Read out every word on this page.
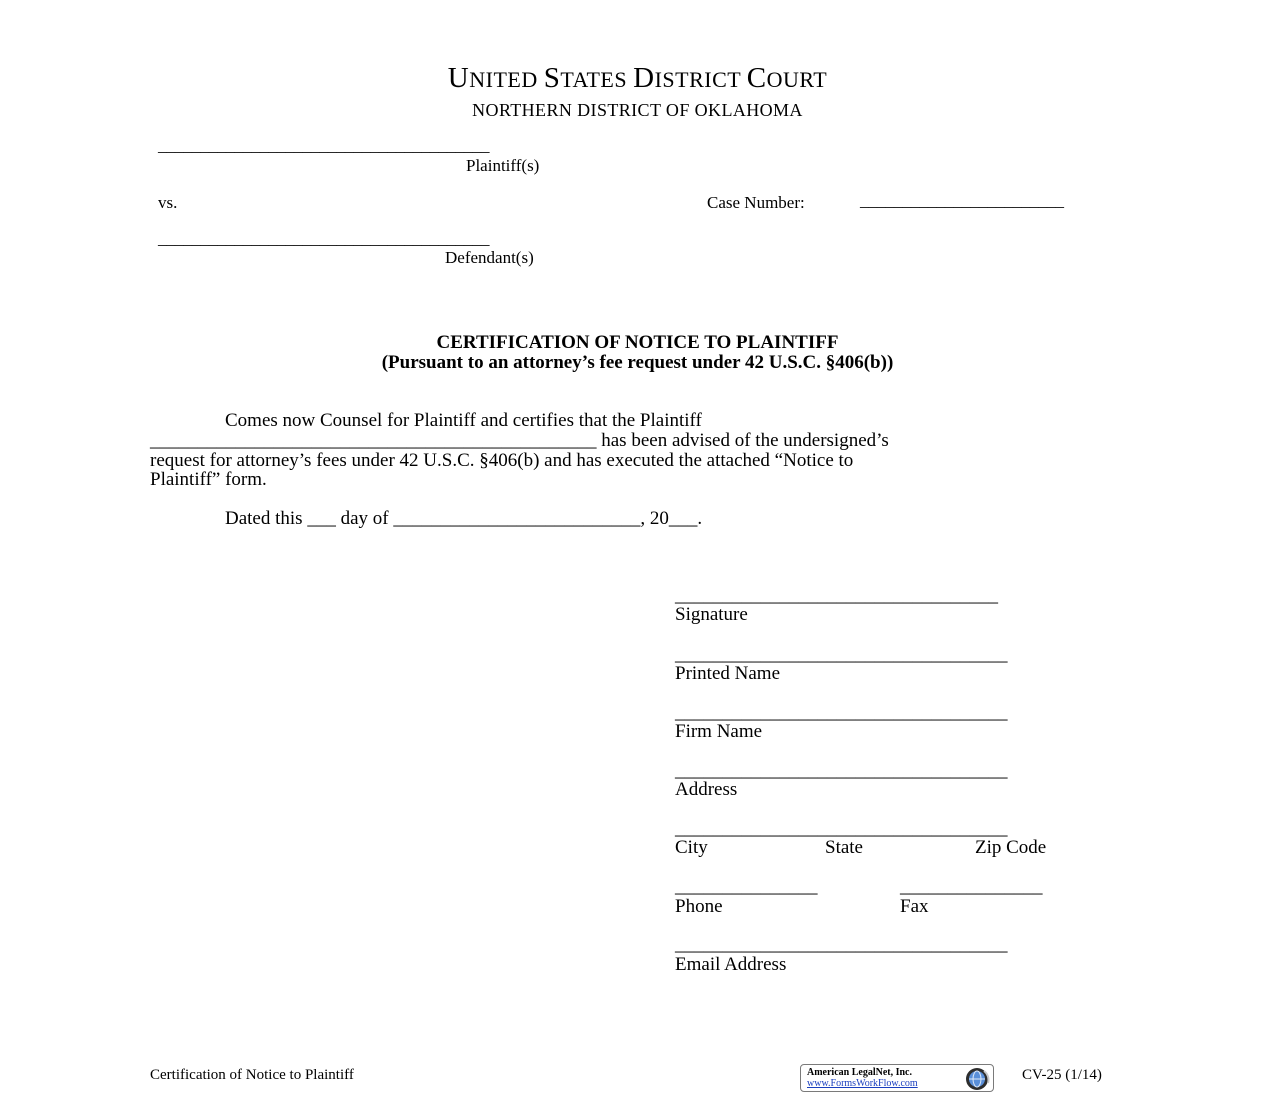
UNITED STATES DISTRICT COURT
NORTHERN DISTRICT OF OKLAHOMA
_______________________________________
Plaintiff(s)
vs.	Case Number:	________________________
_______________________________________
Defendant(s)
CERTIFICATION OF NOTICE TO PLAINTIFF
(Pursuant to an attorney’s fee request under 42 U.S.C. §406(b))
Comes now Counsel for Plaintiff and certifies that the Plaintiff
_______________________________________________ has been advised of the undersigned’s
request for attorney’s fees under 42 U.S.C. §406(b) and has executed the attached “Notice to
Plaintiff” form.
Dated this ___ day of __________________________, 20___.
__________________________________
Signature
___________________________________
Printed Name
___________________________________
Firm Name
___________________________________
Address
___________________________________
City	State	Zip Code
_______________	_______________
Phone	Fax
___________________________________
Email Address
Certification of Notice to Plaintiff	American LegalNet, Inc.
www.FormsWorkFlow.com
CV-25 (1/14)
